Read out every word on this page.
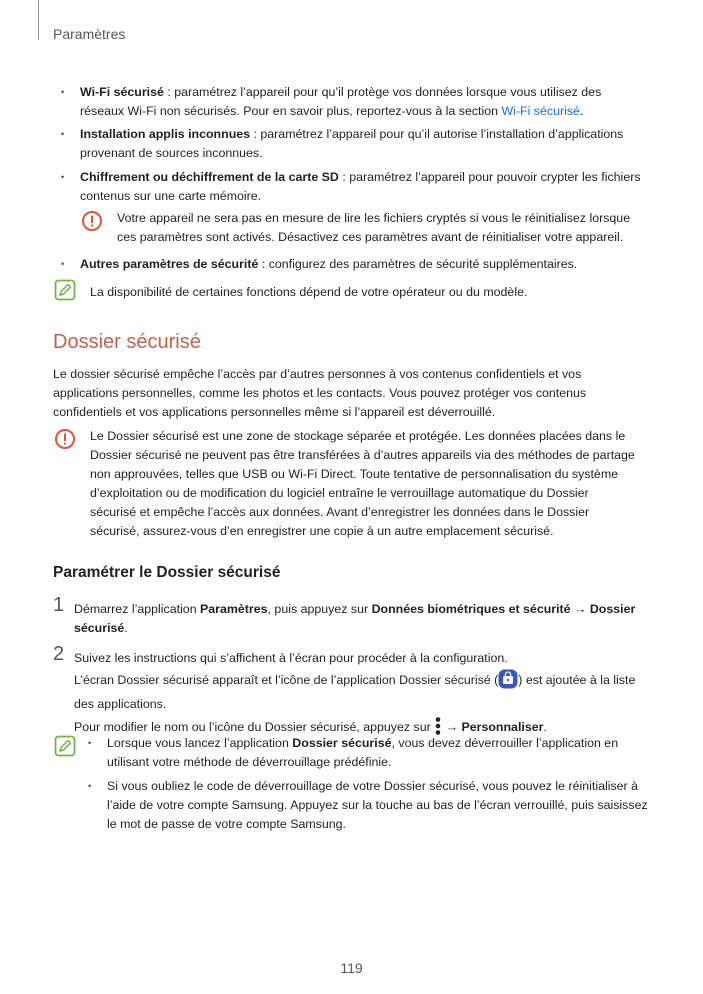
Paramètres
• Wi-Fi sécurisé : paramétrez l’appareil pour qu’il protège vos données lorsque vous utilisez des réseaux Wi-Fi non sécurisés. Pour en savoir plus, reportez-vous à la section Wi-Fi sécurisé.
• Installation applis inconnues : paramétrez l’appareil pour qu’il autorise l’installation d’applications provenant de sources inconnues.
• Chiffrement ou déchiffrement de la carte SD : paramétrez l’appareil pour pouvoir crypter les fichiers contenus sur une carte mémoire.
Votre appareil ne sera pas en mesure de lire les fichiers cryptés si vous le réinitialisez lorsque ces paramètres sont activés. Désactivez ces paramètres avant de réinitialiser votre appareil.
• Autres paramètres de sécurité : configurez des paramètres de sécurité supplémentaires.
La disponibilité de certaines fonctions dépend de votre opérateur ou du modèle.
Dossier sécurisé
Le dossier sécurisé empêche l’accès par d’autres personnes à vos contenus confidentiels et vos applications personnelles, comme les photos et les contacts. Vous pouvez protéger vos contenus confidentiels et vos applications personnelles même si l’appareil est déverrouillé.
Le Dossier sécurisé est une zone de stockage séparée et protégée. Les données placées dans le Dossier sécurisé ne peuvent pas être transférées à d’autres appareils via des méthodes de partage non approuvées, telles que USB ou Wi-Fi Direct. Toute tentative de personnalisation du système d’exploitation ou de modification du logiciel entraîne le verrouillage automatique du Dossier sécurisé et empêche l’accès aux données. Avant d’enregistrer les données dans le Dossier sécurisé, assurez-vous d’en enregistrer une copie à un autre emplacement sécurisé.
Paramétrer le Dossier sécurisé
1 Démarrez l’application Paramètres, puis appuyez sur Données biométriques et sécurité → Dossier sécurisé.
2 Suivez les instructions qui s’affichent à l’écran pour procéder à la configuration.
L’écran Dossier sécurisé apparaît et l’icône de l’application Dossier sécurisé ( ) est ajoutée à la liste des applications.
Pour modifier le nom ou l’icône du Dossier sécurisé, appuyez sur  → Personnaliser.
• Lorsque vous lancez l’application Dossier sécurisé, vous devez déverrouiller l’application en utilisant votre méthode de déverrouillage prédéfinie.
• Si vous oubliez le code de déverrouillage de votre Dossier sécurisé, vous pouvez le réinitialiser à l’aide de votre compte Samsung. Appuyez sur la touche au bas de l’écran verrouillé, puis saisissez le mot de passe de votre compte Samsung.
119
